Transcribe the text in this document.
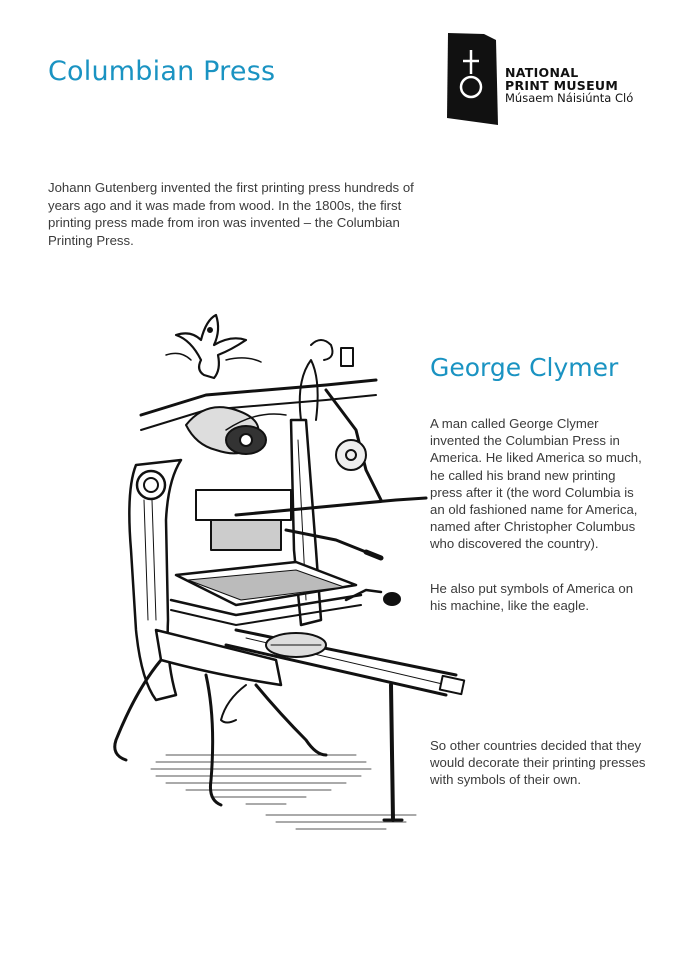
Columbian Press	NATIONAL
PRINT MUSEUM
Músaem Náisiúnta Cló

Johann Gutenberg invented the first printing press hundreds of years ago and it was made from wood. In the 1800s, the first printing press made from iron was invented – the Columbian Printing Press.

George Clymer

A man called George Clymer invented the Columbian Press in America. He liked America so much, he called his brand new printing press after it (the word Columbia is an old fashioned name for America, named after Christopher Columbus who discovered the country).

He also put symbols of America on his machine, like the eagle.

So other countries decided that they would decorate their printing presses with symbols of their own.
